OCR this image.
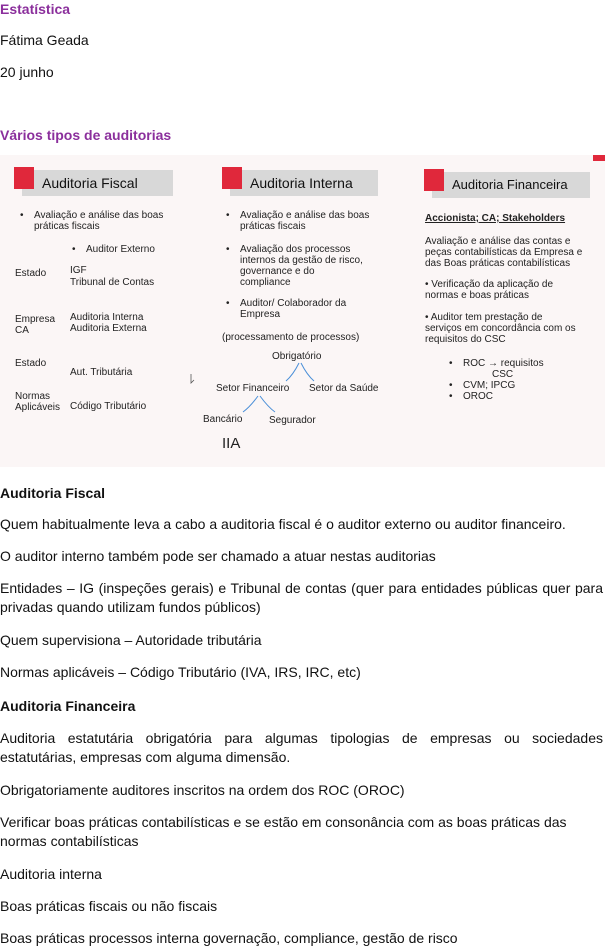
Estatística
Fátima Geada
20 junho
Vários tipos de auditorias
Auditoria Fiscal
• Avaliação e análise das boas
práticas fiscais
• Auditor Externo
Estado IGF
Tribunal de Contas
Empresa
CA
Auditoria Interna
Auditoria Externa
Estado
Aut. Tributária
Normas
Aplicáveis Código Tributário
Auditoria Interna
• Avaliação e análise das boas
práticas fiscais
• Avaliação dos processos
internos da gestão de risco,
governance e do
compliance
• Auditor/ Colaborador da
Empresa
(processamento de processos)
Obrigatório
Setor Financeiro Setor da Saúde
Bancário	Segurador
IIA
Auditoria Financeira
Accionista; CA; Stakeholders
Avaliação e análise das contas e
peças contabilísticas da Empresa e
das Boas práticas contabilísticas
• Verificação da aplicação de
normas e boas práticas
• Auditor tem prestação de
serviços em concordância com os
requisitos do CSC
• ROC → requisitos
CSC
• CVM; IPCG
• OROC
Auditoria Fiscal
Quem habitualmente leva a cabo a auditoria fiscal é o auditor externo ou auditor financeiro.
O auditor interno também pode ser chamado a atuar nestas auditorias
Entidades – IG (inspeções gerais) e Tribunal de contas (quer para entidades públicas quer para privadas quando utilizam fundos públicos)
Quem supervisiona – Autoridade tributária
Normas aplicáveis – Código Tributário (IVA, IRS, IRC, etc)
Auditoria Financeira
Auditoria estatutária obrigatória para algumas tipologias de empresas ou sociedades estatutárias, empresas com alguma dimensão.
Obrigatoriamente auditores inscritos na ordem dos ROC (OROC)
Verificar boas práticas contabilísticas e se estão em consonância com as boas práticas das normas contabilísticas
Auditoria interna
Boas práticas fiscais ou não fiscais
Boas práticas processos interna governação, compliance, gestão de risco
